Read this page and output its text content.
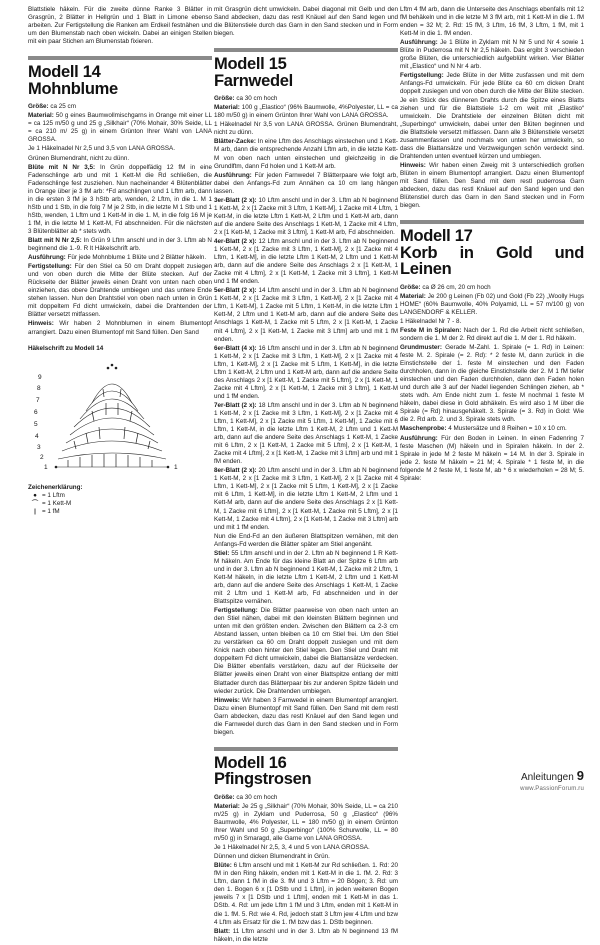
Blattstiele häkeln. Für die zweite dünne Ranke 3 Blätter in Grasgrün, 2 Blätter in Hellgrün und 1 Blatt in Limone ebenso arbeiten. Zur Fertigstellung die Ranken am Erdkeil festnähen und um den Blumenstab nach oben wickeln. Dabei an einigen Stellen mit ein paar Stichen am Blumenstab fixieren.

Modell 14
Mohnblume

Größe: ca 25 cm

Material: 50 g eines Baumwollmischgarns in Orange mit einer LL = ca 125 m/50 g und 25 g „Silkhair“ (70% Mohair, 30% Seide, LL = ca 210 m/ 25 g) in einem Grünton Ihrer Wahl von LANA GROSSA.

Je 1 Häkelnadel Nr 2,5 und 3,5 von LANA GROSSA.

Grünen Blumendraht, nicht zu dünn.

Blüte mit N Nr 3,5: In Grün doppelfädig 12 fM in eine Fadenschlinge arb und mit 1 Kett-M die Rd schließen, die Fadenschlinge fest zusziehen. Nun nacheinander 4 Blütenblätter in Orange über je 3 fM arb: *Fd anschlingen und 1 Lftm arb, dann in die ersten 3 fM je 3 hStb arb, wenden, 2 Lftm, in die 1. M 1 hStb und 1 Stb, in die folg 7 M je 2 Stb, in die letzte M 1 Stb und 1 hStb, wenden, 1 Lftm und 1 Kett-M in die 1. M, in die folg 16 M je 1 fM, in die letzte M 1 Kett-M, Fd abschneiden. Für die nächsten 3 Blütenblätter ab * stets wdh.

Blatt mit N Nr 2,5: In Grün 9 Lftm anschl und in der 3. Lftm ab N beginnend die 1.-9. R lt Häkelschrift arb.

Ausführung: Für jede Mohnblume 1 Blüte und 2 Blätter häkeln.

Fertigstellung: Für den Stiel ca 50 cm Draht doppelt zusiegen und von oben durch die Mitte der Blüte stecken. Auf der Rückseite der Blätter jeweils einen Draht von unten nach oben einziehen, das obere Drahtende umbiegen und das untere Ende stehen lassen. Nun den Drahtstiel von oben nach unten in Grün mit doppeltem Fd dicht umwickeln, dabei die Drahtenden der Blätter versetzt mitfassen.

Hinweis: Wir haben 2 Mohnblumen in einem Blumentopf arrangiert. Dazu einen Blumentopf mit Sand füllen. Den Sand

Häkelschrift zu Modell 14

9
8
7
6
5
4
3
2
1	1

Zeichenerklärung:

● = 1 Lftm

⌒ = 1 Kett-M

| = 1 fM

mit Grasgrün dicht umwickeln. Dabei diagonal mit Gelb und den Sand abdecken, dazu das restl Knäuel auf den Sand legen und die Blütenstiele durch das Garn in den Sand stecken und in Form biegen.

Modell 15
Farnwedel

Größe: ca 30 cm hoch

Material: 100 g „Elastico“ (96% Baumwolle, 4%Polyester, LL = ca 180 m/50 g) in einem Grünton Ihrer Wahl von LANA GROSSA.

1 Häkelnadel Nr 3,5 von LANA GROSSA. Grünen Blumendraht, nicht zu dünn.

Blätter-Zacke: In eine Lftm des Anschlags einstechen und 1 Kett-M arb, dann die entsprechende Anzahl Lftm arb, in die letzte Kett-M von oben nach unten einstechen und gleichzeitig in die Grundlftm, dann Fd holen und 1 Kett-M arb.

Ausführung: Für jeden Farnwedel 7 Blätterpaare wie folgt arb, dabei den Anfangs-Fd zum Annähen ca 10 cm lang hängen lassen.

3er-Blatt (2 x): 10 Lftm anschl und in der 3. Lftm ab N beginnend 1 Kett-M, 2 x [1 Zacke mit 3 Lftm, 1 Kett-M], 1 Zacke mit 4 Lftm, 1 Kett-M, in die letzte Lftm 1 Kett-M, 2 Lftm und 1 Kett-M arb, dann auf die andere Seite des Anschlags 1 Kett-M, 1 Zacke mit 4 Lftm, 2 x [1 Kett-M, 1 Zacke mit 3 Lftm], 1 Kett-M arb, Fd abschneiden.

4er-Blatt (2 x): 12 Lftm anschl und in der 3. Lftm ab N beginnend 1 Kett-M, 2 x [1 Zacke mit 3 Lftm, 1 Kett-M], 2 x [1 Zacke mit 4 Lftm, 1 Kett-M], in die letzte Lftm 1 Kett-M, 2 Lftm und 1 Kett-M arb, dann auf die andere Seite des Anschlags 2 x [1 Kett-M, 1 Zacke mit 4 Lftm], 2 x [1 Kett-M, 1 Zacke mit 3 Lftm], 1 Kett-M und 1 fM enden.

5er-Blatt (2 x): 14 Lftm anschl und in der 3. Lftm ab N beginnend 1 Kett-M, 2 x [1 Zacke mit 3 Lftm, 1 Kett-M], 2 x [1 Zacke mit 4 Lftm, 1 Kett-M], 1 Zacke mit 5 Lftm, 1 Kett-M, in die letzte Lftm 1 Kett-M, 2 Lftm und 1 Kett-M arb, dann auf die andere Seite des Anschlags 1 Kett-M, 1 Zacke mit 5 Lftm, 2 x [1 Kett-M, 1 Zacke mit 4 Lftm], 2 x [1 Kett-M, 1 Zacke mit 3 Lftm] arb und mit 1 fM enden.

6er-Blatt (4 x): 16 Lftm anschl und in der 3. Lftm ab N beginnend 1 Kett-M, 2 x [1 Zacke mit 3 Lftm, 1 Kett-M], 2 x [1 Zacke mit 4 Lftm, 1 Kett-M], 2 x [1 Zacke mit 5 Lftm, 1 Kett-M], in die letzte Lftm 1 Kett-M, 2 Lftm und 1 Kett-M arb, dann auf die andere Seite des Anschlags 2 x [1 Kett-M, 1 Zacke mit 5 Lftm], 2 x [1 Kett-M, 1 Zacke mit 4 Lftm], 2 x [1 Kett-M, 1 Zacke mit 3 Lftm], 1 Kett-M und 1 fM enden.

7er-Blatt (2 x): 18 Lftm anschl und in der 3. Lftm ab N beginnend 1 Kett-M, 2 x [1 Zacke mit 3 Lftm, 1 Kett-M], 2 x [1 Zacke mit 4 Lftm, 1 Kett-M], 2 x [1 Zacke mit 5 Lftm, 1 Kett-M], 1 Zacke mit 6 Lftm, 1 Kett-M, in die letzte Lftm 1 Kett-M, 2 Lftm und 1 Kett-M arb, dann auf die andere Seite des Anschlags 1 Kett-M, 1 Zacke mit 6 Lftm, 2 x [1 Kett-M, 1 Zacke mit 5 Lftm], 2 x [1 Kett-M, 1 Zacke mit 4 Lftm], 2 x [1 Kett-M, 1 Zacke mit 3 Lftm] arb und mit 1 fM enden.

8er-Blatt (2 x): 20 Lftm anschl und in der 3. Lftm ab N beginnend 1 Kett-M, 2 x [1 Zacke mit 3 Lftm, 1 Kett-M], 2 x [1 Zacke mit 4 Lftm, 1 Kett-M], 2 x [1 Zacke mit 5 Lftm, 1 Kett-M], 2 x [1 Zacke mit 6 Lftm, 1 Kett-M], in die letzte Lftm 1 Kett-M, 2 Lftm und 1 Kett-M arb, dann auf die andere Seite des Anschlags 2 x [1 Kett-M, 1 Zacke mit 6 Lftm], 2 x [1 Kett-M, 1 Zacke mit 5 Lftm], 2 x [1 Kett-M, 1 Zacke mit 4 Lftm], 2 x [1 Kett-M, 1 Zacke mit 3 Lftm] arb und mit 1 fM enden.

Nun die End-Fd an den äußeren Blattspitzen vernähen, mit den Anfangs-Fd werden die Blätter später am Stiel angenäht.

Stiel: 55 Lftm anschl und in der 2. Lftm ab N beginnend 1 R Kett-M häkeln. Am Ende für das kleine Blatt an der Spitze 6 Lftm arb und in der 3. Lftm ab N beginnend 1 Kett-M, 1 Zacke mit 2 Lftm, 1 Kett-M häkeln, in die letzte Lftm 1 Kett-M, 2 Lftm und 1 Kett-M arb, dann auf die andere Seite des Anschlags 1 Kett-M, 1 Zacke mit 2 Lftm und 1 Kett-M arb, Fd abschneiden und in der Blattspitze vernähen.

Fertigstellung: Die Blätter paarweise von oben nach unten an den Stiel nähen, dabei mit den kleinsten Blättern beginnen und unten mit den größten enden. Zwischen den Blättern ca 2-3 cm Abstand lassen, unten bleiben ca 10 cm Stiel frei. Um den Stiel zu verstärken ca 60 cm Draht doppelt zusiegen und mit dem Knick nach oben hinter den Stiel legen. Den Stiel und Draht mit doppeltem Fd dicht umwickeln, dabei die Blattansätze verdecken. Die Blätter ebenfalls verstärken, dazu auf der Rückseite der Blätter jeweils einen Draht von einer Blattspitze entlang der mittl Blattader durch das Blätterpaar bis zur anderen Spitze fädeln und wieder zurück. Die Drahtenden umbiegen.

Hinweis: Wir haben 3 Farnwedel in einem Blumentopf arrangiert. Dazu einen Blumentopf mit Sand füllen. Den Sand mit dem restl Garn abdecken, dazu das restl Knäuel auf den Sand legen und die Farnwedel durch das Garn in den Sand stecken und in Form biegen.

Modell 16
Pfingstrosen

Größe: ca 30 cm hoch

Material: Je 25 g „Silkhair“ (70% Mohair, 30% Seide, LL = ca 210 m/25 g) in Zyklam und Puderrosa, 50 g „Elastico“ (96% Baumwolle, 4% Polyester, LL = 180 m/50 g) in einem Grünton Ihrer Wahl und 50 g „Superbingo“ (100% Schurwolle, LL = 80 m/50 g) in Smaragd, alle Garne von LANA GROSSA.

Je 1 Häkelnadel Nr 2,5, 3, 4 und 5 von LANA GROSSA.

Dünnen und dicken Blumendraht in Grün.

Blüte: 6 Lftm anschl und mit 1 Kett-M zur Rd schließen. 1. Rd: 20 fM in den Ring häkeln, enden mit 1 Kett-M in die 1. fM. 2. Rd: 3 Lftm, dann 1 fM in die 3. fM und 3 Lftm = 20 Bögen; 3. Rd: um den 1. Bogen 6 x [1 DStb und 1 Lftm], in jeden weiteren Bogen jeweils 7 x [1 DStb und 1 Lftm], enden mit 1 Kett-M in das 1. DStb. 4. Rd: um jede Lftm 1 fM und 3 Lftm, enden mit 1 Kett-M in die 1. fM. 5. Rd: wie 4. Rd, jedoch statt 3 Lftm jew 4 Lftm und bzw 4 Lftm als Ersatz für die 1. fM bzw das 1. DStb beginnen.

Blatt: 11 Lftm anschl und in der 3. Lftm ab N beginnend 13 fM häkeln, in die letzte

Lftm 4 fM arb, dann die Unterseite des Anschlags ebenfalls mit 12 fM behäkeln und in die letzte M 3 fM arb, mit 1 Kett-M in die 1. fM enden = 32 M; 2. Rd: 15 fM, 3 Lftm, 16 fM, 3 Lftm, 1 fM, mit 1 Kett-M in die 1. fM enden.

Ausführung: Je 1 Blüte in Zyklam mit N Nr 5 und Nr 4 sowie 1 Blüte in Puderrosa mit N Nr 2,5 häkeln. Das ergibt 3 verschieden große Blüten, die unterschiedlich aufgeblüht wirken. Vier Blätter mit „Elastico“ und N Nr 4 arb.

Fertigstellung: Jede Blüte in der Mitte zusfassen und mit dem Anfangs-Fd umwickeln. Für jede Blüte ca 60 cm dicken Draht doppelt zusiegen und von oben durch die Mitte der Blüte stecken. Je ein Stück des dünneren Drahts durch die Spitze eines Blatts ziehen und für die Blattstiele 1-2 cm weit mit „Elastiko“ umwickeln. Die Drahtstiele der einzelnen Blüten dicht mit „Superbingo“ umwickeln, dabei unter den Blüten beginnen und die Blattstiele versetzt mitfassen. Dann alle 3 Blütenstiele versetzt zusammenfassen und nochmals von unten her umwickeln, so dass die Blattansätze und Verzweigungen schön verdeckt sind. Drahtenden unten eventuell kürzen und umbiegen.

Hinweis: Wir haben einen Zweig mit 3 unterschiedlich großen Blüten in einem Blumentopf arrangiert. Dazu einen Blumentopf mit Sand füllen. Den Sand mit dem restl puderrosa Garn abdecken, dazu das restl Knäuel auf den Sand legen und den Blütenstiel durch das Garn in den Sand stecken und in Form biegen.

Modell 17
Korb in Gold und Leinen

Größe: ca Ø 26 cm, 20 cm hoch

Material: Je 200 g Leinen (Fb 02) und Gold (Fb 22) „Woolly Hugs HOME“ (60% Baumwolle, 40% Polyamid, LL = 57 m/100 g) von LANGENDORF & KELLER.

1 Häkelnadel Nr 7 - 8.

Feste M in Spiralen: Nach der 1. Rd die Arbeit nicht schließen, sondern die 1. M der 2. Rd direkt auf die 1. M der 1. Rd häkeln.

Grundmuster: Gerade M-Zahl. 1. Spirale (= 1. Rd) in Leinen: feste M. 2. Spirale (= 2. Rd): * 2 feste M, dann zurück in die Einstichstelle der 1. feste M einstechen und den Faden durchholen, dann in die gleiche Einstichstelle der 2. M 1 fM tiefer einstechen und den Faden durchholen, dann den Faden holen und durch alle 3 auf der Nadel liegenden Schlingen ziehen, ab * stets wdh. Am Ende nicht zum 1. feste M nochmal 1 feste M häkeln, dabei diese in Gold abhäkeln. Es wird also 1 M über die Spirale (= Rd) hinausgehäkelt. 3. Spirale (= 3. Rd) in Gold: Wie die 2. Rd arb. 2. und 3. Spirale stets wdh.

Maschenprobe: 4 Mustersätze und 8 Reihen = 10 x 10 cm.

Ausführung: Für den Boden in Leinen. In einen Fadenring 7 feste Maschen (M) häkeln und in Spiralen häkeln. In der 2. Spirale in jede M 2 feste M häkeln = 14 M. In der 3. Spirale in jede 2. feste M häkeln = 21 M; 4. Spirale * 1 feste M, in die folgende M 2 feste M, 1 feste M, ab * 6 x wiederholen = 28 M; 5. Spirale:

Anleitungen 9
www.PassionForum.ru
